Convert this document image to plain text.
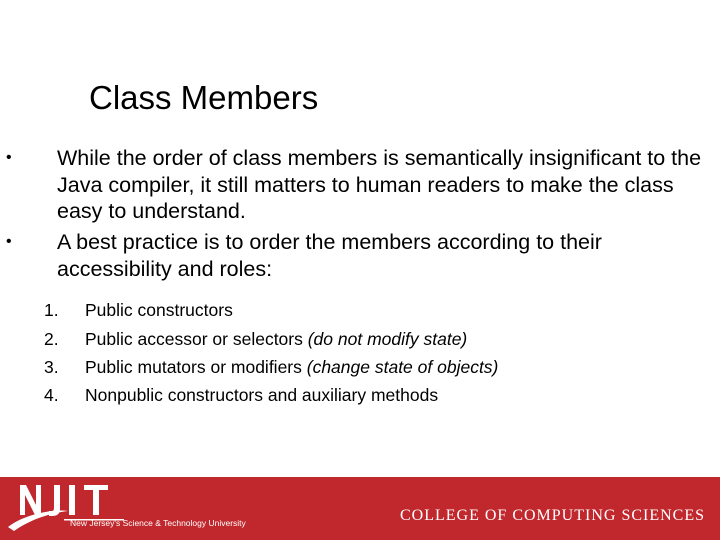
Class Members
• While the order of class members is semantically insignificant to the Java compiler, it still matters to human readers to make the class easy to understand.
• A best practice is to order the members according to their accessibility and roles:
1.	Public constructors
2.	Public accessor or selectors (do not modify state)
3.	Public mutators or modifiers (change state of objects)
4.	Nonpublic constructors and auxiliary methods
New Jersey's Science & Technology University	COLLEGE OF COMPUTING SCIENCES
